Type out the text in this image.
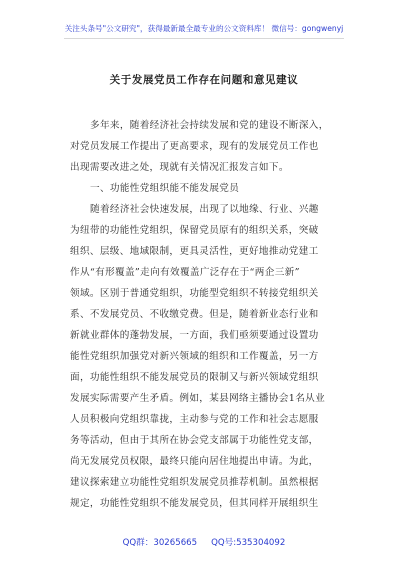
关注头条号"公文研究"，获得最新最全最专业的公文资料库！ 微信号：gongwenyj
关于发展党员工作存在问题和意见建议
多年来，随着经济社会持续发展和党的建设不断深入，
对党员发展工作提出了更高要求，现有的发展党员工作也
出现需要改进之处，现就有关情况汇报发言如下。
一、功能性党组织能不能发展党员
随着经济社会快速发展，出现了以地缘、行业、兴趣
为纽带的功能性党组织，保留党员原有的组织关系，突破
组织、层级、地域限制，更具灵活性，更好地推动党建工
作从“有形覆盖”走向有效覆盖广泛存在于“两企三新”
领域。区别于普通党组织，功能型党组织不转接党组织关
系、不发展党员、不收缴党费。但是，随着新业态行业和
新就业群体的蓬勃发展，一方面，我们亟须要通过设置功
能性党组织加强党对新兴领域的组织和工作覆盖，另一方
面，功能性组织不能发展党员的限制又与新兴领域党组织
发展实际需要产生矛盾。例如，某县网络主播协会1名从业
人员积极向党组织靠拢，主动参与党的工作和社会志愿服
务等活动，但由于其所在协会党支部属于功能性党支部，
尚无发展党员权限，最终只能向居住地提出申请。为此，
建议探索建立功能性党组织发展党员推荐机制。虽然根据
规定，功能性党组织不能发展党员，但其同样开展组织生
QQ群：30265665 QQ号:535304092
